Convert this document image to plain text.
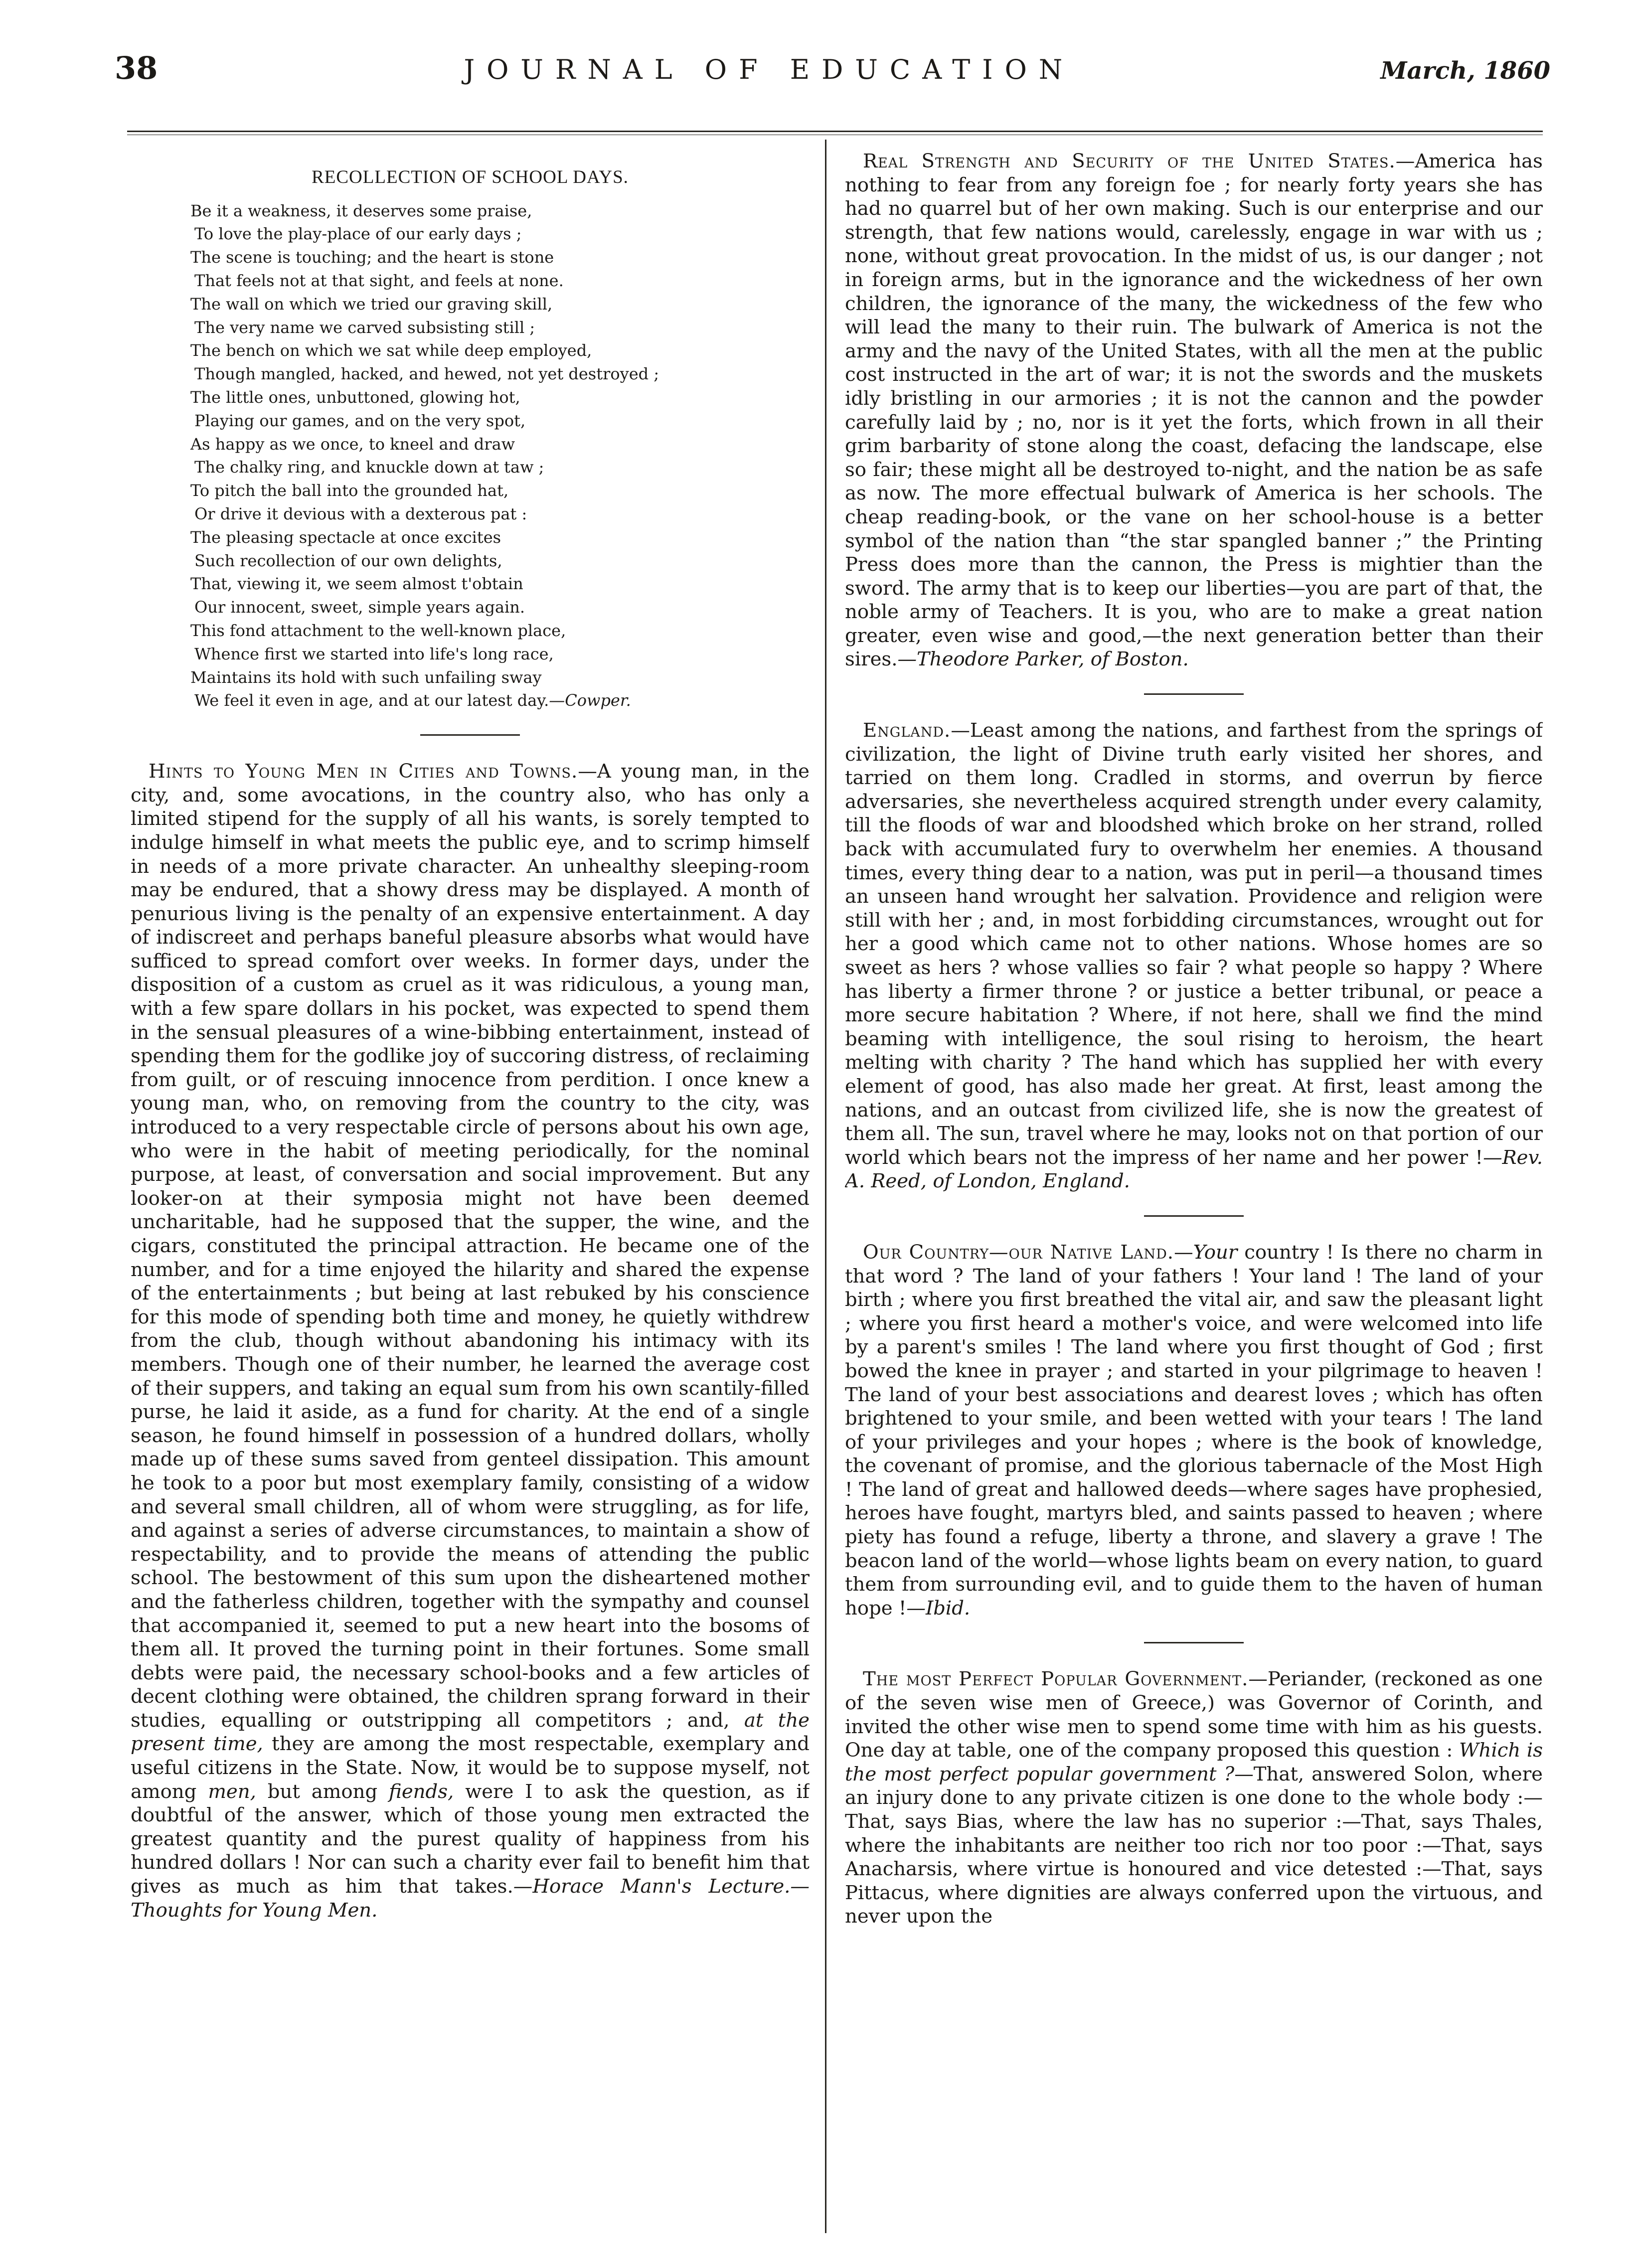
38	JOURNAL OF EDUCATION	March, 1860
RECOLLECTION OF SCHOOL DAYS.
Be it a weakness, it deserves some praise,
To love the play-place of our early days ;
The scene is touching; and the heart is stone
That feels not at that sight, and feels at none.
The wall on which we tried our graving skill,
The very name we carved subsisting still ;
The bench on which we sat while deep employed,
Though mangled, hacked, and hewed, not yet destroyed ;
The little ones, unbuttoned, glowing hot,
Playing our games, and on the very spot,
As happy as we once, to kneel and draw
The chalky ring, and knuckle down at taw ;
To pitch the ball into the grounded hat,
Or drive it devious with a dexterous pat :
The pleasing spectacle at once excites
Such recollection of our own delights,
That, viewing it, we seem almost t'obtain
Our innocent, sweet, simple years again.
This fond attachment to the well-known place,
Whence first we started into life's long race,
Maintains its hold with such unfailing sway
We feel it even in age, and at our latest day.—Cowper.

Hints to Young Men in Cities and Towns.—A young man, in the city, and, some avocations, in the country also, who has only a limited stipend for the supply of all his wants, is sorely tempted to indulge himself in what meets the public eye, and to scrimp himself in needs of a more private character. An unhealthy sleeping-room may be endured, that a showy dress may be displayed. A month of penurious living is the penalty of an expensive entertainment. A day of indiscreet and perhaps baneful pleasure absorbs what would have sufficed to spread comfort over weeks. In former days, under the disposition of a custom as cruel as it was ridiculous, a young man, with a few spare dollars in his pocket, was expected to spend them in the sensual pleasures of a wine-bibbing entertainment, instead of spending them for the godlike joy of succoring distress, of reclaiming from guilt, or of rescuing innocence from perdition. I once knew a young man, who, on removing from the country to the city, was introduced to a very respectable circle of persons about his own age, who were in the habit of meeting periodically, for the nominal purpose, at least, of conversation and social improvement. But any looker-on at their symposia might not have been deemed uncharitable, had he supposed that the supper, the wine, and the cigars, constituted the principal attraction. He became one of the number, and for a time enjoyed the hilarity and shared the expense of the entertainments ; but being at last rebuked by his conscience for this mode of spending both time and money, he quietly withdrew from the club, though without abandoning his intimacy with its members. Though one of their number, he learned the average cost of their suppers, and taking an equal sum from his own scantily-filled purse, he laid it aside, as a fund for charity. At the end of a single season, he found himself in possession of a hundred dollars, wholly made up of these sums saved from genteel dissipation. This amount he took to a poor but most exemplary family, consisting of a widow and several small children, all of whom were struggling, as for life, and against a series of adverse circumstances, to maintain a show of respectability, and to provide the means of attending the public school. The bestowment of this sum upon the disheartened mother and the fatherless children, together with the sympathy and counsel that accompanied it, seemed to put a new heart into the bosoms of them all. It proved the turning point in their fortunes. Some small debts were paid, the necessary school-books and a few articles of decent clothing were obtained, the children sprang forward in their studies, equalling or outstripping all competitors ; and, at the present time, they are among the most respectable, exemplary and useful citizens in the State. Now, it would be to suppose myself, not among men, but among fiends, were I to ask the question, as if doubtful of the answer, which of those young men extracted the greatest quantity and the purest quality of happiness from his hundred dollars ! Nor can such a charity ever fail to benefit him that gives as much as him that takes.—Horace Mann's Lecture.—Thoughts for Young Men.

Real Strength and Security of the United States.—America has nothing to fear from any foreign foe ; for nearly forty years she has had no quarrel but of her own making. Such is our enterprise and our strength, that few nations would, carelessly, engage in war with us ; none, without great provocation. In the midst of us, is our danger ; not in foreign arms, but in the ignorance and the wickedness of her own children, the ignorance of the many, the wickedness of the few who will lead the many to their ruin. The bulwark of America is not the army and the navy of the United States, with all the men at the public cost instructed in the art of war; it is not the swords and the muskets idly bristling in our armories ; it is not the cannon and the powder carefully laid by ; no, nor is it yet the forts, which frown in all their grim barbarity of stone along the coast, defacing the landscape, else so fair; these might all be destroyed to-night, and the nation be as safe as now. The more effectual bulwark of America is her schools. The cheap reading-book, or the vane on her school-house is a better symbol of the nation than “the star spangled banner ;” the Printing Press does more than the cannon, the Press is mightier than the sword. The army that is to keep our liberties—you are part of that, the noble army of Teachers. It is you, who are to make a great nation greater, even wise and good,—the next generation better than their sires.—Theodore Parker, of Boston.

England.—Least among the nations, and farthest from the springs of civilization, the light of Divine truth early visited her shores, and tarried on them long. Cradled in storms, and overrun by fierce adversaries, she nevertheless acquired strength under every calamity, till the floods of war and bloodshed which broke on her strand, rolled back with accumulated fury to overwhelm her enemies. A thousand times, every thing dear to a nation, was put in peril—a thousand times an unseen hand wrought her salvation. Providence and religion were still with her ; and, in most forbidding circumstances, wrought out for her a good which came not to other nations. Whose homes are so sweet as hers ? whose vallies so fair ? what people so happy ? Where has liberty a firmer throne ? or justice a better tribunal, or peace a more secure habitation ? Where, if not here, shall we find the mind beaming with intelligence, the soul rising to heroism, the heart melting with charity ? The hand which has supplied her with every element of good, has also made her great. At first, least among the nations, and an outcast from civilized life, she is now the greatest of them all. The sun, travel where he may, looks not on that portion of our world which bears not the impress of her name and her power !—Rev. A. Reed, of London, England.

Our Country—our Native Land.—Your country ! Is there no charm in that word ? The land of your fathers ! Your land ! The land of your birth ; where you first breathed the vital air, and saw the pleasant light ; where you first heard a mother's voice, and were welcomed into life by a parent's smiles ! The land where you first thought of God ; first bowed the knee in prayer ; and started in your pilgrimage to heaven ! The land of your best associations and dearest loves ; which has often brightened to your smile, and been wetted with your tears ! The land of your privileges and your hopes ; where is the book of knowledge, the covenant of promise, and the glorious tabernacle of the Most High ! The land of great and hallowed deeds—where sages have prophesied, heroes have fought, martyrs bled, and saints passed to heaven ; where piety has found a refuge, liberty a throne, and slavery a grave ! The beacon land of the world—whose lights beam on every nation, to guard them from surrounding evil, and to guide them to the haven of human hope !—Ibid.

The most Perfect Popular Government.—Periander, (reckoned as one of the seven wise men of Greece,) was Governor of Corinth, and invited the other wise men to spend some time with him as his guests. One day at table, one of the company proposed this question : Which is the most perfect popular government ?—That, answered Solon, where an injury done to any private citizen is one done to the whole body :—That, says Bias, where the law has no superior :—That, says Thales, where the inhabitants are neither too rich nor too poor :—That, says Anacharsis, where virtue is honoured and vice detested :—That, says Pittacus, where dignities are always conferred upon the virtuous, and never upon the
